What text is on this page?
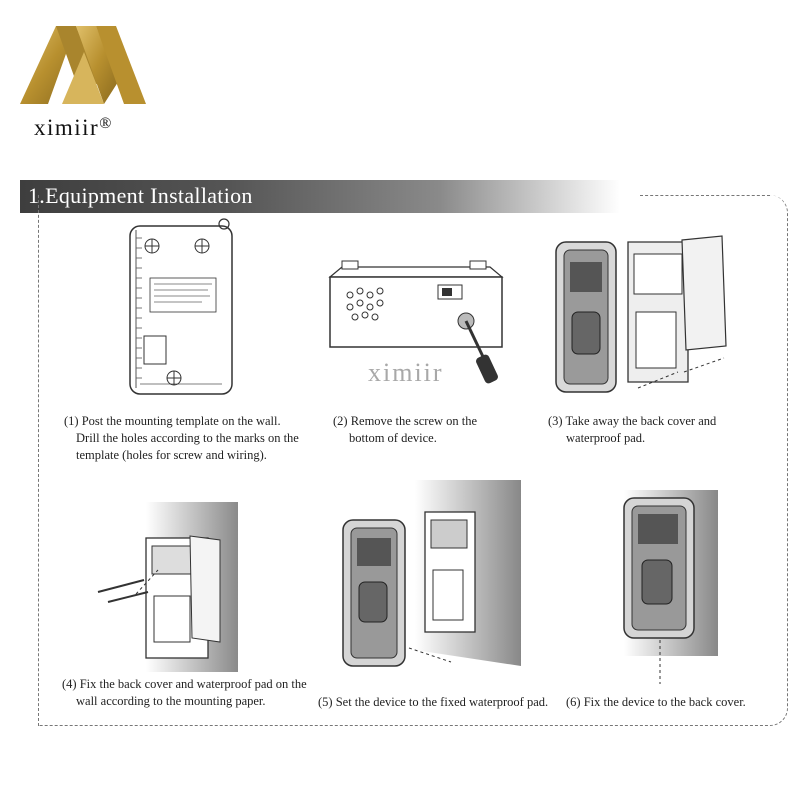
ximiir®
1.Equipment Installation
ximiir
(1) Post the mounting template on the wall.
Drill the holes according to the marks on the
template (holes for screw and wiring).
(2) Remove the screw on the
bottom of device.
(3) Take away the back cover and
waterproof pad.
(4) Fix the back cover and waterproof pad on the
wall according to the mounting paper.	(5) Set the device to the fixed waterproof pad. (6) Fix the device to the back cover.
